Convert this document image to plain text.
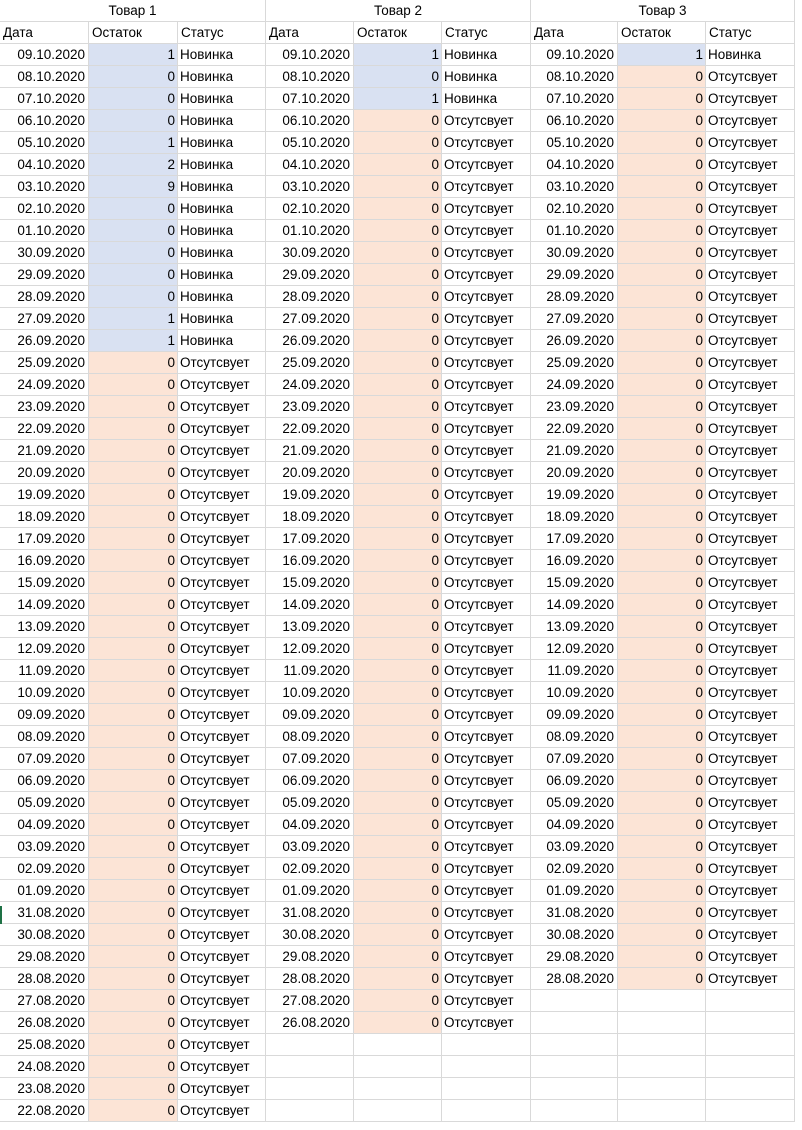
Товар 1
Дата	Остаток	Статус
09.10.2020	1 Новинка
08.10.2020	0 Новинка
07.10.2020	0 Новинка
06.10.2020	0 Новинка
05.10.2020	1 Новинка
04.10.2020	2 Новинка
03.10.2020	9 Новинка
02.10.2020	0 Новинка
01.10.2020	0 Новинка
30.09.2020	0 Новинка
29.09.2020	0 Новинка
28.09.2020	0 Новинка
27.09.2020	1 Новинка
26.09.2020	1 Новинка
25.09.2020	0 Отсутсвует
24.09.2020	0 Отсутсвует
23.09.2020	0 Отсутсвует
22.09.2020	0 Отсутсвует
21.09.2020	0 Отсутсвует
20.09.2020	0 Отсутсвует
19.09.2020	0 Отсутсвует
18.09.2020	0 Отсутсвует
17.09.2020	0 Отсутсвует
16.09.2020	0 Отсутсвует
15.09.2020	0 Отсутсвует
14.09.2020	0 Отсутсвует
13.09.2020	0 Отсутсвует
12.09.2020	0 Отсутсвует
11.09.2020	0 Отсутсвует
10.09.2020	0 Отсутсвует
09.09.2020	0 Отсутсвует
08.09.2020	0 Отсутсвует
07.09.2020	0 Отсутсвует
06.09.2020	0 Отсутсвует
05.09.2020	0 Отсутсвует
04.09.2020	0 Отсутсвует
03.09.2020	0 Отсутсвует
02.09.2020	0 Отсутсвует
01.09.2020	0 Отсутсвует
31.08.2020	0 Отсутсвует
30.08.2020	0 Отсутсвует
29.08.2020	0 Отсутсвует
28.08.2020	0 Отсутсвует
27.08.2020	0 Отсутсвует
26.08.2020	0 Отсутсвует
25.08.2020	0 Отсутсвует
24.08.2020	0 Отсутсвует
23.08.2020	0 Отсутсвует
22.08.2020	0 Отсутсвует
Товар 2
Дата	Остаток	Статус
09.10.2020	1 Новинка
08.10.2020	0 Новинка
07.10.2020	1 Новинка
06.10.2020	0 Отсутсвует
05.10.2020	0 Отсутсвует
04.10.2020	0 Отсутсвует
03.10.2020	0 Отсутсвует
02.10.2020	0 Отсутсвует
01.10.2020	0 Отсутсвует
30.09.2020	0 Отсутсвует
29.09.2020	0 Отсутсвует
28.09.2020	0 Отсутсвует
27.09.2020	0 Отсутсвует
26.09.2020	0 Отсутсвует
25.09.2020	0 Отсутсвует
24.09.2020	0 Отсутсвует
23.09.2020	0 Отсутсвует
22.09.2020	0 Отсутсвует
21.09.2020	0 Отсутсвует
20.09.2020	0 Отсутсвует
19.09.2020	0 Отсутсвует
18.09.2020	0 Отсутсвует
17.09.2020	0 Отсутсвует
16.09.2020	0 Отсутсвует
15.09.2020	0 Отсутсвует
14.09.2020	0 Отсутсвует
13.09.2020	0 Отсутсвует
12.09.2020	0 Отсутсвует
11.09.2020	0 Отсутсвует
10.09.2020	0 Отсутсвует
09.09.2020	0 Отсутсвует
08.09.2020	0 Отсутсвует
07.09.2020	0 Отсутсвует
06.09.2020	0 Отсутсвует
05.09.2020	0 Отсутсвует
04.09.2020	0 Отсутсвует
03.09.2020	0 Отсутсвует
02.09.2020	0 Отсутсвует
01.09.2020	0 Отсутсвует
31.08.2020	0 Отсутсвует
30.08.2020	0 Отсутсвует
29.08.2020	0 Отсутсвует
28.08.2020	0 Отсутсвует
27.08.2020	0 Отсутсвует
26.08.2020	0 Отсутсвует
Товар 3
Дата	Остаток	Статус
09.10.2020	1 Новинка
08.10.2020	0 Отсутсвует
07.10.2020	0 Отсутсвует
06.10.2020	0 Отсутсвует
05.10.2020	0 Отсутсвует
04.10.2020	0 Отсутсвует
03.10.2020	0 Отсутсвует
02.10.2020	0 Отсутсвует
01.10.2020	0 Отсутсвует
30.09.2020	0 Отсутсвует
29.09.2020	0 Отсутсвует
28.09.2020	0 Отсутсвует
27.09.2020	0 Отсутсвует
26.09.2020	0 Отсутсвует
25.09.2020	0 Отсутсвует
24.09.2020	0 Отсутсвует
23.09.2020	0 Отсутсвует
22.09.2020	0 Отсутсвует
21.09.2020	0 Отсутсвует
20.09.2020	0 Отсутсвует
19.09.2020	0 Отсутсвует
18.09.2020	0 Отсутсвует
17.09.2020	0 Отсутсвует
16.09.2020	0 Отсутсвует
15.09.2020	0 Отсутсвует
14.09.2020	0 Отсутсвует
13.09.2020	0 Отсутсвует
12.09.2020	0 Отсутсвует
11.09.2020	0 Отсутсвует
10.09.2020	0 Отсутсвует
09.09.2020	0 Отсутсвует
08.09.2020	0 Отсутсвует
07.09.2020	0 Отсутсвует
06.09.2020	0 Отсутсвует
05.09.2020	0 Отсутсвует
04.09.2020	0 Отсутсвует
03.09.2020	0 Отсутсвует
02.09.2020	0 Отсутсвует
01.09.2020	0 Отсутсвует
31.08.2020	0 Отсутсвует
30.08.2020	0 Отсутсвует
29.08.2020	0 Отсутсвует
28.08.2020	0 Отсутсвует
